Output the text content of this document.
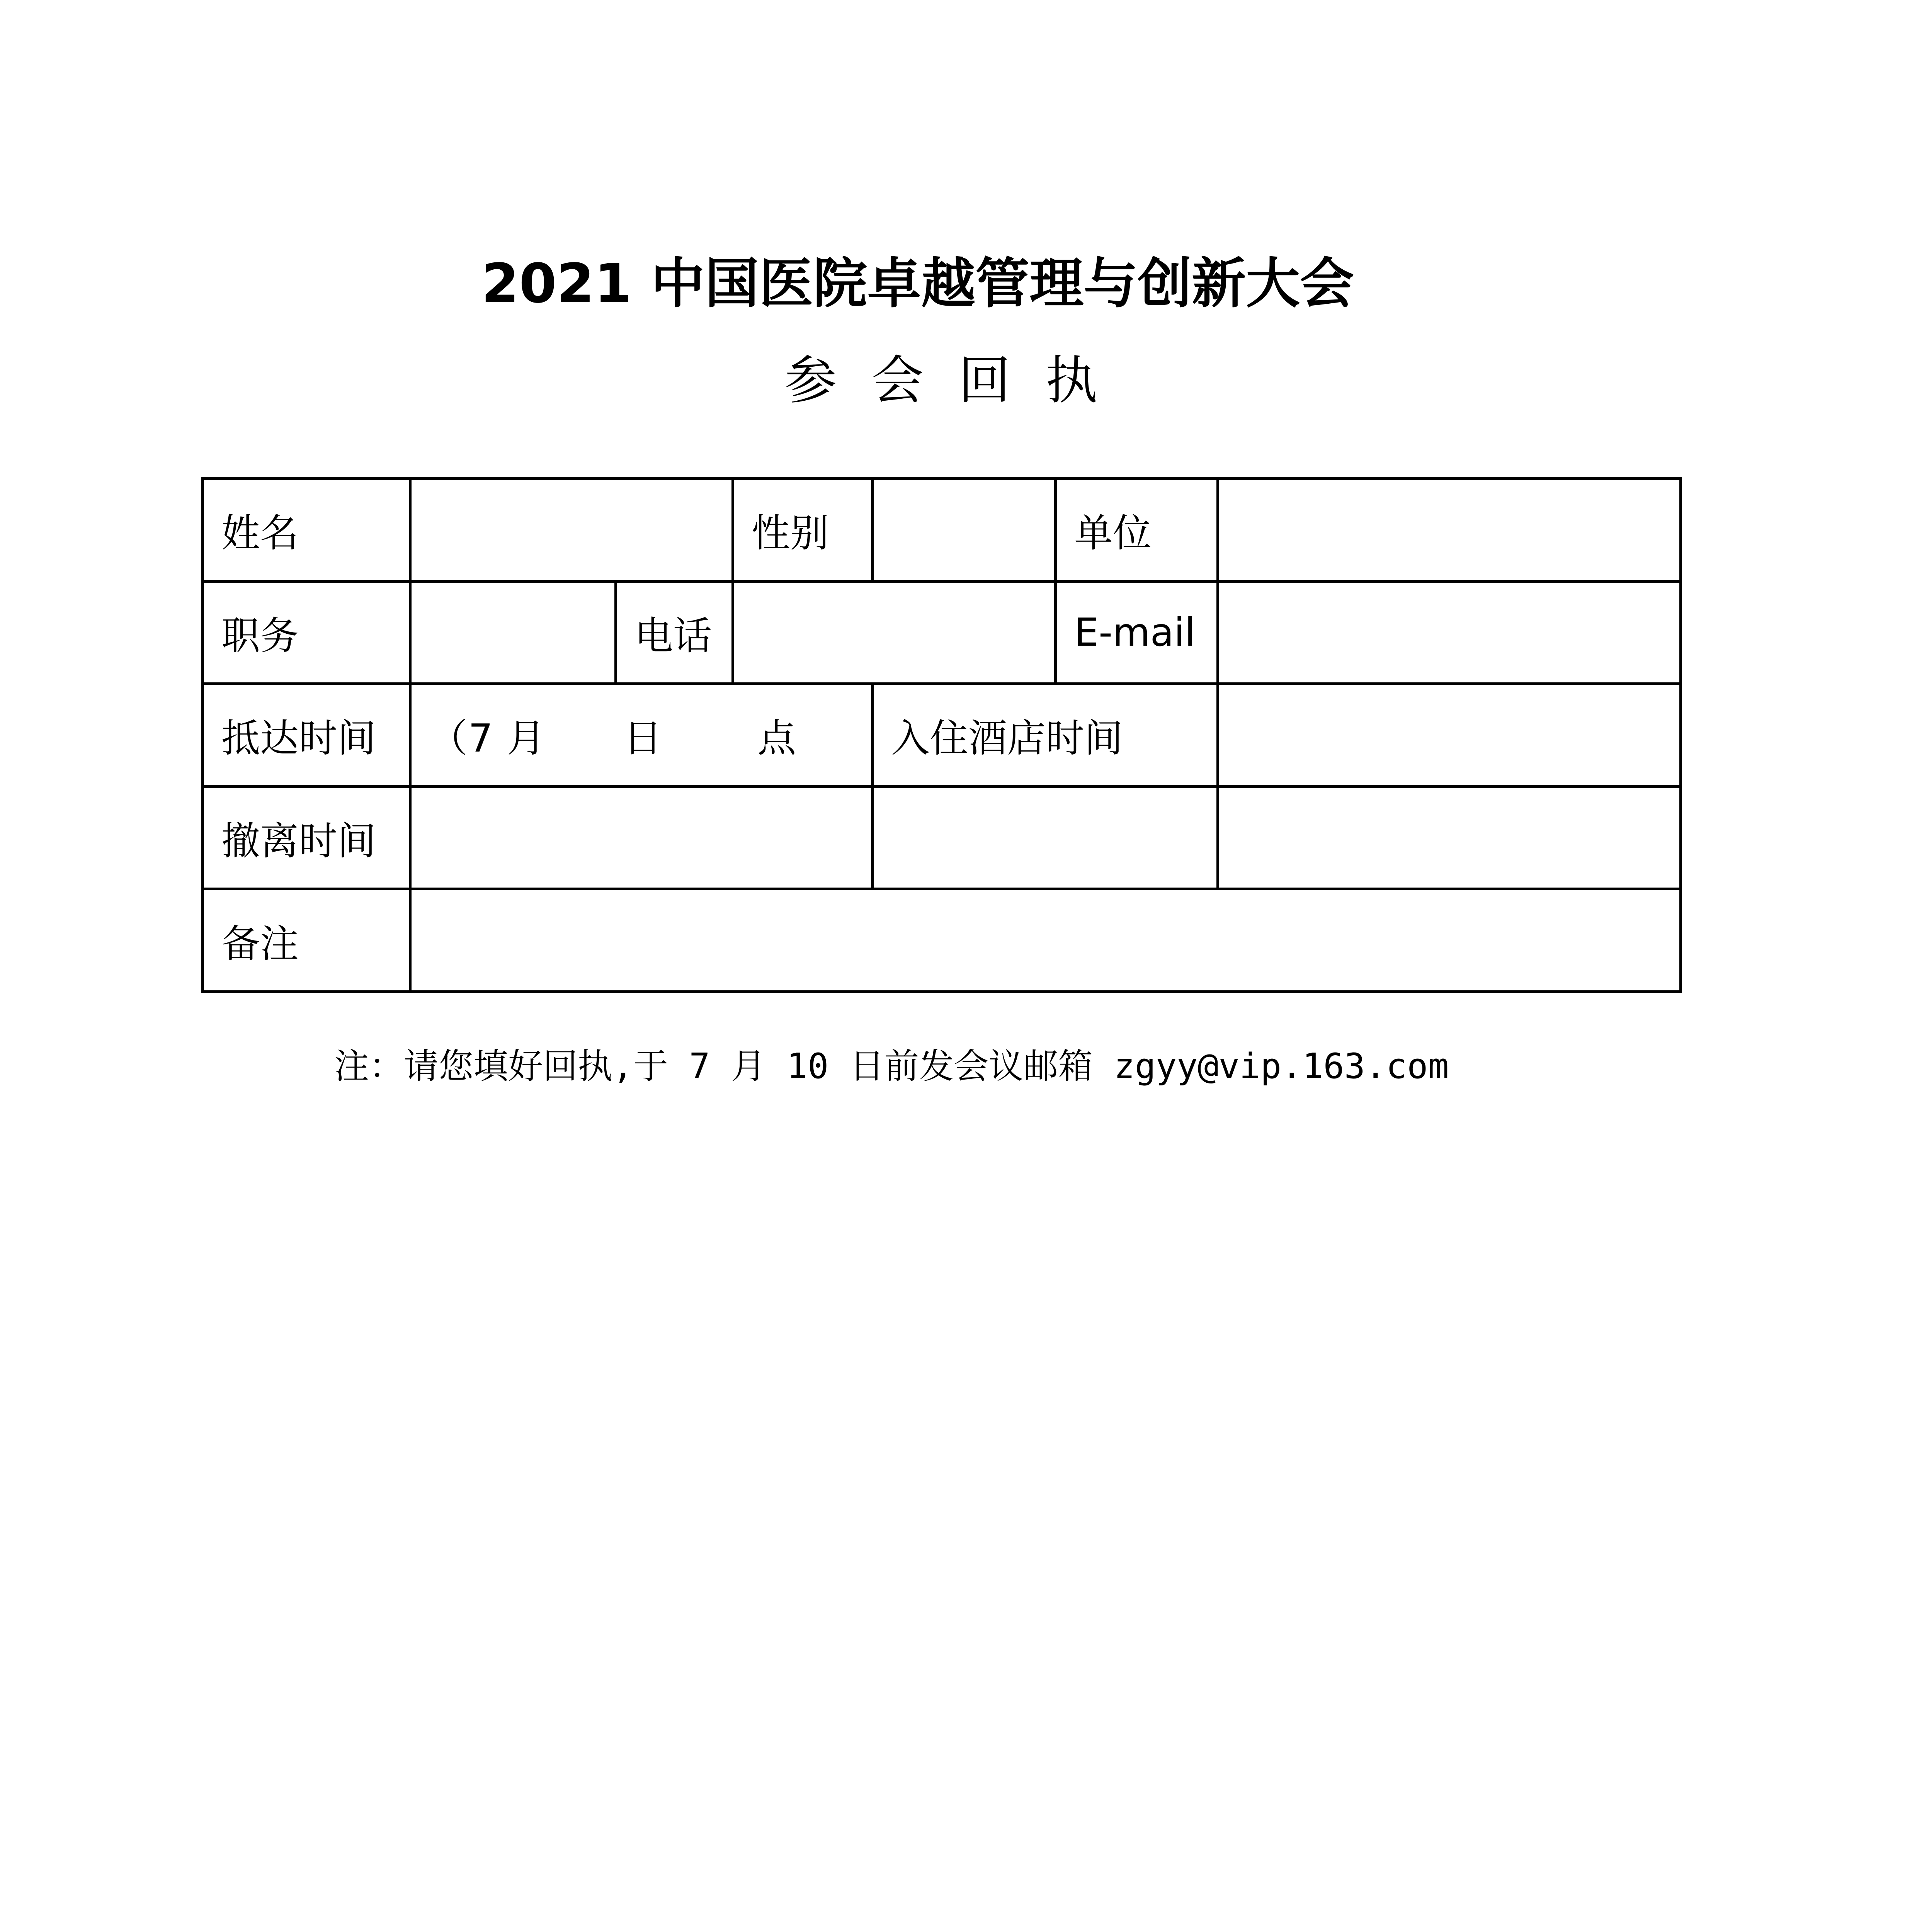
2021 中国医院卓越管理与创新大会
参会回执
姓名			性别		单位	
职务		电话			E-mail	
抵达时间	（7 月 日 点			入住酒店时间		
撤离时间						
备注						
注：请您填好回执,于 7 月 10 日前发会议邮箱 zgyy@vip.163.com
